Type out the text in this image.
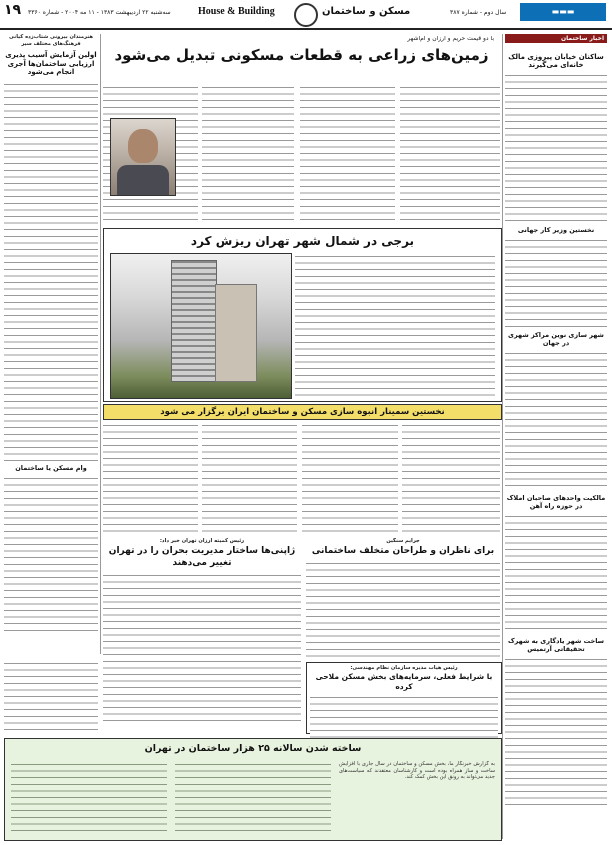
۱۹ سه‌شنبه ۲۲ اردیبهشت ۱۳۸۳ - ۱۱ مه ۲۰۰۴ - شماره ۳۳۶۰	House & Building	مسکن و ساختمان	سال دوم - شماره ۳۸۷	▬▬▬
اخبار ساختمان
ساکنان خیابان پیروزی مالک خانه‌ای می‌گیرند
نخستین وزیر کار جهانی
شهر سازی نوین مراکز شهری در جهان
مالکیت واحدهای صاحبان املاک در حوزه راه آهن
ساخت شهر یادگاری به شهرک تحقیقاتی آرتمیس
هنرمندان بیرونی شتاب‌زده کیانی فرهنگ‌های مختلف سیر
اولین آزمایش آسیب پذیری ارزیابی ساختمان‌ها آجری انجام می‌شود
وام مسکن یا ساختمان
با دو قیمت حریم و ارزان و ام‌اشهر
زمین‌های زراعی به قطعات مسکونی تبدیل می‌شود
برجی در شمال شهر تهران ریزش کرد
نخستین سمینار انبوه سازی مسکن و ساختمان ایران برگزار می شود
جرایم سنگین
برای ناظران و طراحان متخلف ساختمانی
رئیس هیات مدیره سازمان نظام مهندسی:
با شرایط فعلی، سرمایه‌های بخش مسکن ملاحی کرده
رئیس کمیته ارزان تهران خبر داد:
ژاپنی‌ها ساختار مدیریت بحران را در تهران تغییر می‌دهند
ساخته شدن سالانه ۲۵ هزار ساختمان در تهران
به گزارش خبرنگار ما، بخش مسکن و ساختمان در سال جاری با افزایش ساخت و ساز همراه بوده است و کارشناسان معتقدند که سیاست‌های جدید می‌تواند به رونق این بخش کمک کند.
